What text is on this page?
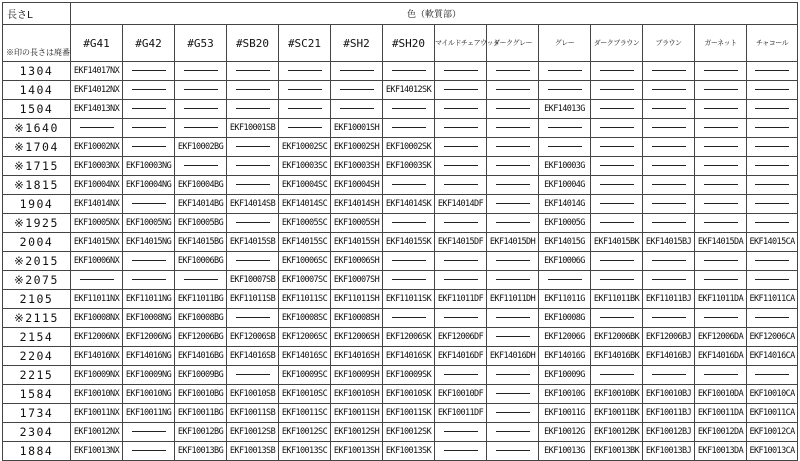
長さL	色（軟質部）													
※印の長さは廃番	#G41	#G42	#G53	#SB20	#SC21	#SH2	#SH20	マイルドチェアウッド	ダークグレー	グレー	ダークブラウン	ブラウン	ガーネット	チャコール
1304	EKF14017NX													
1404	EKF14012NX						EKF14012SK							
1504	EKF14013NX									EKF14013G				
※1640				EKF10001SB		EKF10001SH								
※1704	EKF10002NX		EKF10002BG		EKF10002SC	EKF10002SH	EKF10002SK							
※1715	EKF10003NX	EKF10003NG			EKF10003SC	EKF10003SH	EKF10003SK			EKF10003G				
※1815	EKF10004NX	EKF10004NG	EKF10004BG		EKF10004SC	EKF10004SH				EKF10004G				
1904	EKF14014NX		EKF14014BG	EKF14014SB	EKF14014SC	EKF14014SH	EKF14014SK	EKF14014DF		EKF14014G				
※1925	EKF10005NX	EKF10005NG	EKF10005BG		EKF10005SC	EKF10005SH				EKF10005G				
2004	EKF14015NX	EKF14015NG	EKF14015BG	EKF14015SB	EKF14015SC	EKF14015SH	EKF14015SK	EKF14015DF	EKF14015DH	EKF14015G	EKF14015BK	EKF14015BJ	EKF14015DA	EKF14015CA
※2015	EKF10006NX		EKF10006BG		EKF10006SC	EKF10006SH				EKF10006G				
※2075				EKF10007SB	EKF10007SC	EKF10007SH								
2105	EKF11011NX	EKF11011NG	EKF11011BG	EKF11011SB	EKF11011SC	EKF11011SH	EKF11011SK	EKF11011DF	EKF11011DH	EKF11011G	EKF11011BK	EKF11011BJ	EKF11011DA	EKF11011CA
※2115	EKF10008NX	EKF10008NG	EKF10008BG		EKF10008SC	EKF10008SH				EKF10008G				
2154	EKF12006NX	EKF12006NG	EKF12006BG	EKF12006SB	EKF12006SC	EKF12006SH	EKF12006SK	EKF12006DF		EKF12006G	EKF12006BK	EKF12006BJ	EKF12006DA	EKF12006CA
2204	EKF14016NX	EKF14016NG	EKF14016BG	EKF14016SB	EKF14016SC	EKF14016SH	EKF14016SK	EKF14016DF	EKF14016DH	EKF14016G	EKF14016BK	EKF14016BJ	EKF14016DA	EKF14016CA
2215	EKF10009NX	EKF10009NG	EKF10009BG		EKF10009SC	EKF10009SH	EKF10009SK			EKF10009G				
1584	EKF10010NX	EKF10010NG	EKF10010BG	EKF10010SB	EKF10010SC	EKF10010SH	EKF10010SK	EKF10010DF		EKF10010G	EKF10010BK	EKF10010BJ	EKF10010DA	EKF10010CA
1734	EKF10011NX	EKF10011NG	EKF10011BG	EKF10011SB	EKF10011SC	EKF10011SH	EKF10011SK	EKF10011DF		EKF10011G	EKF10011BK	EKF10011BJ	EKF10011DA	EKF10011CA
2304	EKF10012NX		EKF10012BG	EKF10012SB	EKF10012SC	EKF10012SH	EKF10012SK			EKF10012G	EKF10012BK	EKF10012BJ	EKF10012DA	EKF10012CA
1884	EKF10013NX		EKF10013BG	EKF10013SB	EKF10013SC	EKF10013SH	EKF10013SK			EKF10013G	EKF10013BK	EKF10013BJ	EKF10013DA	EKF10013CA
